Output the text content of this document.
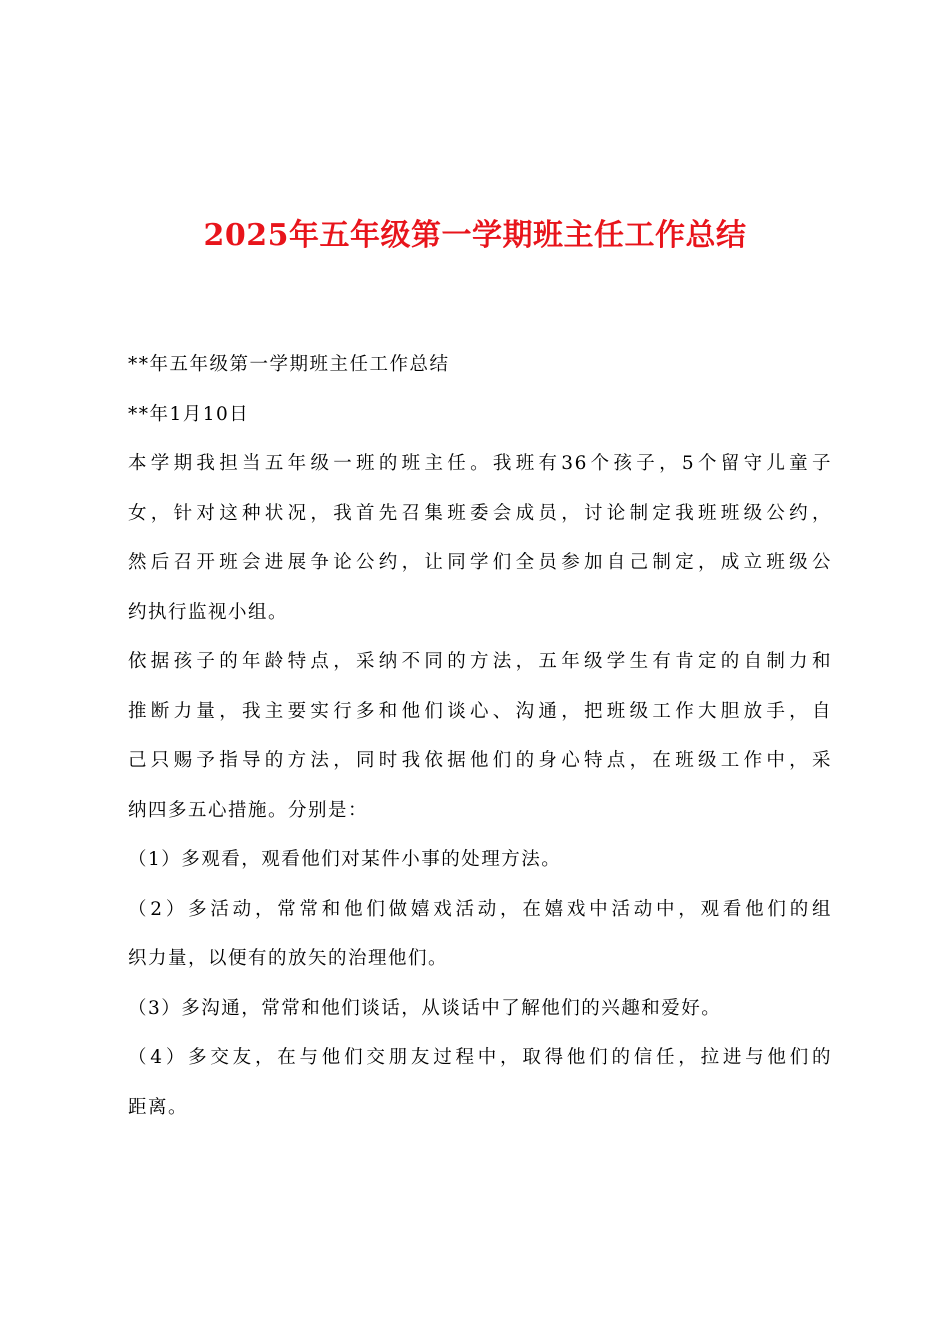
2025年五年级第一学期班主任工作总结
**年五年级第一学期班主任工作总结
**年1月10日
本学期我担当五年级一班的班主任。我班有36个孩子，5个留守儿童子
女，针对这种状况，我首先召集班委会成员，讨论制定我班班级公约，
然后召开班会进展争论公约，让同学们全员参加自己制定，成立班级公
约执行监视小组。
依据孩子的年龄特点，采纳不同的方法，五年级学生有肯定的自制力和
推断力量，我主要实行多和他们谈心、沟通，把班级工作大胆放手，自
己只赐予指导的方法，同时我依据他们的身心特点，在班级工作中，采
纳四多五心措施。分别是：
（1）多观看，观看他们对某件小事的处理方法。
（2）多活动，常常和他们做嬉戏活动，在嬉戏中活动中，观看他们的组
织力量，以便有的放矢的治理他们。
（3）多沟通，常常和他们谈话，从谈话中了解他们的兴趣和爱好。
（4）多交友，在与他们交朋友过程中，取得他们的信任，拉进与他们的
距离。
